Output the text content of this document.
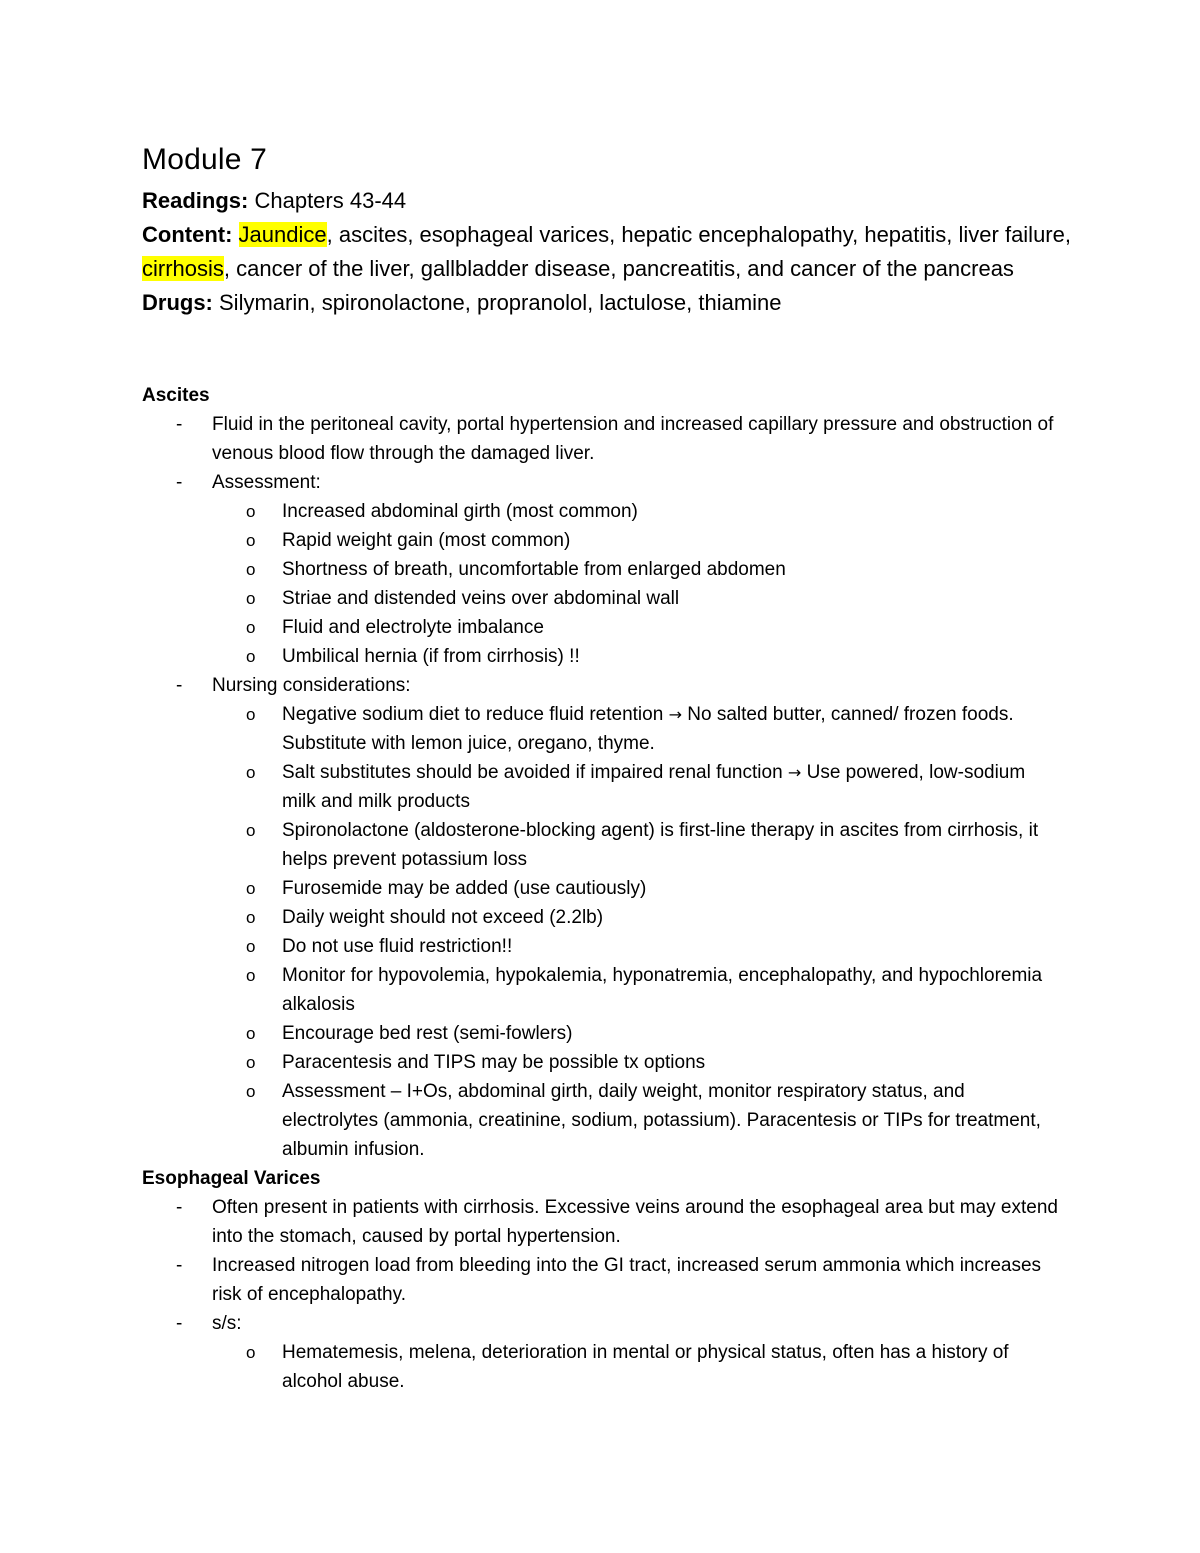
Module 7

Readings: Chapters 43-44

Content: Jaundice, ascites, esophageal varices, hepatic encephalopathy, hepatitis, liver failure, cirrhosis, cancer of the liver, gallbladder disease, pancreatitis, and cancer of the pancreas

Drugs: Silymarin, spironolactone, propranolol, lactulose, thiamine

Ascites
- Fluid in the peritoneal cavity, portal hypertension and increased capillary pressure and obstruction of venous blood flow through the damaged liver.
- Assessment:
o Increased abdominal girth (most common)
o Rapid weight gain (most common)
o Shortness of breath, uncomfortable from enlarged abdomen
o Striae and distended veins over abdominal wall
o Fluid and electrolyte imbalance
o Umbilical hernia (if from cirrhosis) !!
- Nursing considerations:
o Negative sodium diet to reduce fluid retention → No salted butter, canned/ frozen foods. Substitute with lemon juice, oregano, thyme.
o Salt substitutes should be avoided if impaired renal function → Use powered, low-sodium milk and milk products
o Spironolactone (aldosterone-blocking agent) is first-line therapy in ascites from cirrhosis, it helps prevent potassium loss
o Furosemide may be added (use cautiously)
o Daily weight should not exceed (2.2lb)
o Do not use fluid restriction!!
o Monitor for hypovolemia, hypokalemia, hyponatremia, encephalopathy, and hypochloremia alkalosis
o Encourage bed rest (semi-fowlers)
o Paracentesis and TIPS may be possible tx options
o Assessment – I+Os, abdominal girth, daily weight, monitor respiratory status, and electrolytes (ammonia, creatinine, sodium, potassium). Paracentesis or TIPs for treatment, albumin infusion.
Esophageal Varices
- Often present in patients with cirrhosis. Excessive veins around the esophageal area but may extend into the stomach, caused by portal hypertension.
- Increased nitrogen load from bleeding into the GI tract, increased serum ammonia which increases risk of encephalopathy.
- s/s:
o Hematemesis, melena, deterioration in mental or physical status, often has a history of alcohol abuse.
